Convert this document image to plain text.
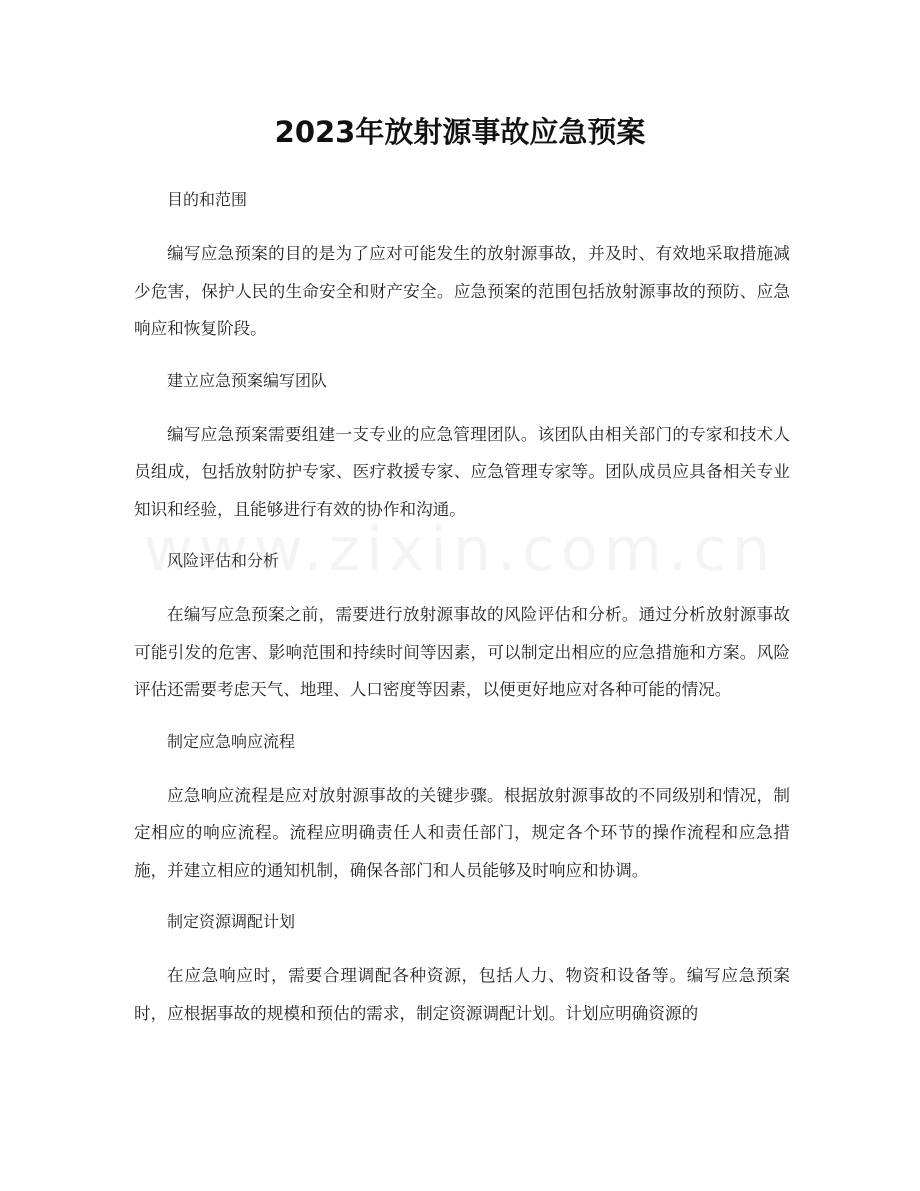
2023年放射源事故应急预案

目的和范围

编写应急预案的目的是为了应对可能发生的放射源事故，并及时、有效地采取措施减少危害，保护人民的生命安全和财产安全。应急预案的范围包括放射源事故的预防、应急响应和恢复阶段。

建立应急预案编写团队

编写应急预案需要组建一支专业的应急管理团队。该团队由相关部门的专家和技术人员组成，包括放射防护专家、医疗救援专家、应急管理专家等。团队成员应具备相关专业知识和经验，且能够进行有效的协作和沟通。

风险评估和分析

在编写应急预案之前，需要进行放射源事故的风险评估和分析。通过分析放射源事故可能引发的危害、影响范围和持续时间等因素，可以制定出相应的应急措施和方案。风险评估还需要考虑天气、地理、人口密度等因素，以便更好地应对各种可能的情况。

制定应急响应流程

应急响应流程是应对放射源事故的关键步骤。根据放射源事故的不同级别和情况，制定相应的响应流程。流程应明确责任人和责任部门，规定各个环节的操作流程和应急措施，并建立相应的通知机制，确保各部门和人员能够及时响应和协调。

制定资源调配计划

在应急响应时，需要合理调配各种资源，包括人力、物资和设备等。编写应急预案时，应根据事故的规模和预估的需求，制定资源调配计划。计划应明确资源的
